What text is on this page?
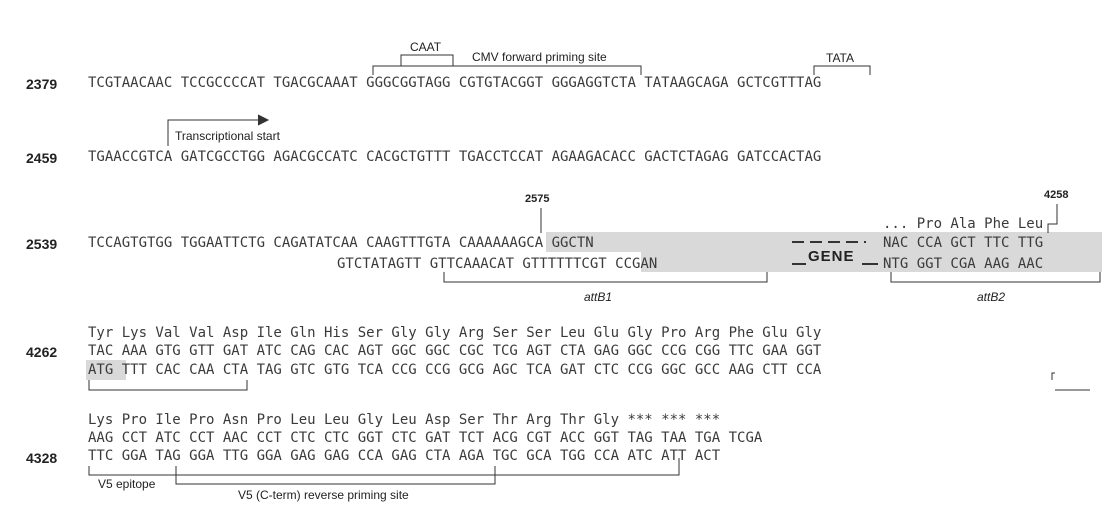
CAAT
CMV forward priming site	TATA
Transcriptional start
2575	4258
attB1	attB2
V5 epitope
V5 (C-term) reverse priming site
2379 TCGTAACAAC TCCGCCCCAT TGACGCAAAT GGGCGGTAGG CGTGTACGGT GGGAGGTCTA TATAAGCAGA GCTCGTTTAG
2459 TGAACCGTCA GATCGCCTGG AGACGCCATC CACGCTGTTT TGACCTCCAT AGAAGACACC GACTCTAGAG GATCCACTAG
2539
... Pro Ala Phe Leu
TCCAGTGTGG TGGAATTCTG CAGATATCAA CAAGTTTGTA CAAAAAAGCA GGCTN	NAC CCA GCT TTC TTG
GTCTATAGTT GTTCAAACAT GTTTTTTCGT CCGAN	NTG GGT CGA AAG AAC
GENE
Tyr Lys Val Val Asp Ile Gln His Ser Gly Gly Arg Ser Ser Leu Glu Gly Pro Arg Phe Glu Gly
4262 TAC AAA GTG GTT GAT ATC CAG CAC AGT GGC GGC CGC TCG AGT CTA GAG GGC CCG CGG TTC GAA GGT
ATG TTT CAC CAA CTA TAG GTC GTG TCA CCG CCG GCG AGC TCA GAT CTC CCG GGC GCC AAG CTT CCA
Lys Pro Ile Pro Asn Pro Leu Leu Gly Leu Asp Ser Thr Arg Thr Gly *** *** ***
AAG CCT ATC CCT AAC CCT CTC CTC GGT CTC GAT TCT ACG CGT ACC GGT TAG TAA TGA TCGA
4328 TTC GGA TAG GGA TTG GGA GAG GAG CCA GAG CTA AGA TGC GCA TGG CCA ATC ATT ACT
